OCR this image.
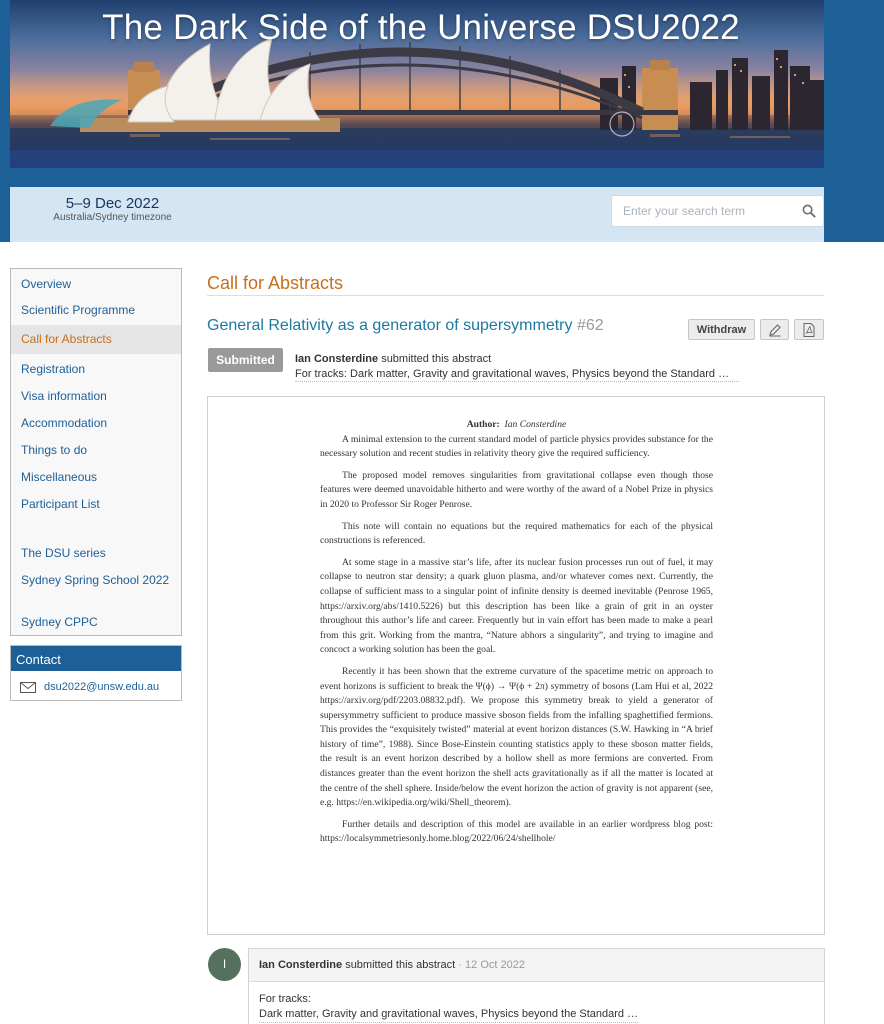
The Dark Side of the Universe DSU2022
5–9 Dec 2022
Australia/Sydney timezone
Enter your search term
Overview
Scientific Programme
Call for Abstracts
Registration
Visa information
Accommodation
Things to do
Miscellaneous
Participant List
The DSU series
Sydney Spring School 2022
Sydney CPPC
Contact
dsu2022@unsw.edu.au
Call for Abstracts
General Relativity as a generator of supersymmetry #62	Withdraw
Submitted	Ian Consterdine submitted this abstract
For tracks: Dark matter, Gravity and gravitational waves, Physics beyond the Standard …
Author: Ian Consterdine

A minimal extension to the current standard model of particle physics provides substance for the necessary solution and recent studies in relativity theory give the required sufficiency.

The proposed model removes singularities from gravitational collapse even though those features were deemed unavoidable hitherto and were worthy of the award of a Nobel Prize in physics in 2020 to Professor Sir Roger Penrose.

This note will contain no equations but the required mathematics for each of the physical constructions is referenced.

At some stage in a massive star’s life, after its nuclear fusion processes run out of fuel, it may collapse to neutron star density; a quark gluon plasma, and/or whatever comes next. Currently, the collapse of sufficient mass to a singular point of infinite density is deemed inevitable (Penrose 1965, https://arxiv.org/abs/1410.5226) but this description has been like a grain of grit in an oyster throughout this author’s life and career. Frequently but in vain effort has been made to make a pearl from this grit. Working from the mantra, “Nature abhors a singularity”, and trying to imagine and concoct a working solution has been the goal.

Recently it has been shown that the extreme curvature of the spacetime metric on approach to event horizons is sufficient to break the Ψ(ϕ) → Ψ(ϕ + 2π) symmetry of bosons (Lam Hui et al, 2022 https://arxiv.org/pdf/2203.08832.pdf). We propose this symmetry break to yield a generator of supersymmetry sufficient to produce massive sboson fields from the infalling spaghettified fermions. This provides the “exquisitely twisted” material at event horizon distances (S.W. Hawking in “A brief history of time”, 1988). Since Bose-Einstein counting statistics apply to these sboson matter fields, the result is an event horizon described by a hollow shell as more fermions are converted. From distances greater than the event horizon the shell acts gravitationally as if all the matter is located at the centre of the shell sphere. Inside/below the event horizon the action of gravity is not apparent (see, e.g. https://en.wikipedia.org/wiki/Shell_theorem).

Further details and description of this model are available in an earlier wordpress blog post: https://localsymmetriesonly.home.blog/2022/06/24/shellhole/

I	Ian Consterdine submitted this abstract · 12 Oct 2022
For tracks:
Dark matter, Gravity and gravitational waves, Physics beyond the Standard …
